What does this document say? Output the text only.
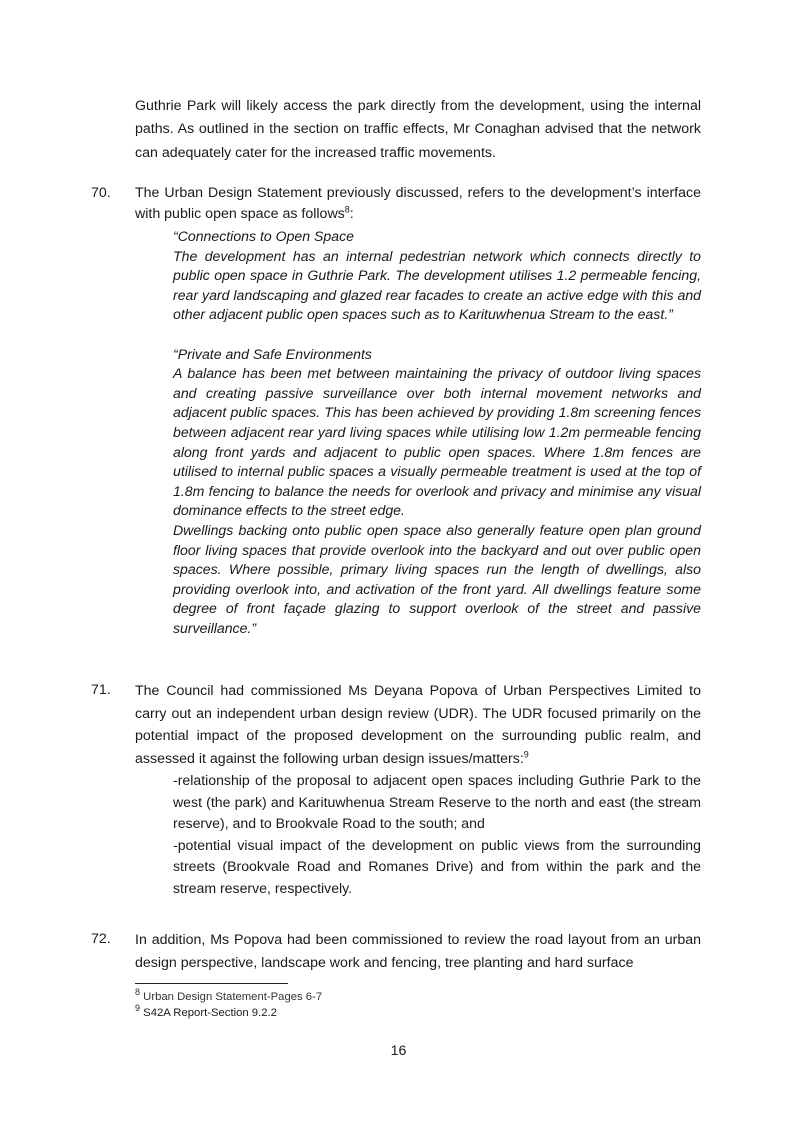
Guthrie Park will likely access the park directly from the development, using the internal paths. As outlined in the section on traffic effects, Mr Conaghan advised that the network can adequately cater for the increased traffic movements.
70.	The Urban Design Statement previously discussed, refers to the development’s interface with public open space as follows$^8$:

“Connections to Open Space

The development has an internal pedestrian network which connects directly to public open space in Guthrie Park. The development utilises 1.2 permeable fencing, rear yard landscaping and glazed rear facades to create an active edge with this and other adjacent public open spaces such as to Karituwhenua Stream to the east.”

“Private and Safe Environments

A balance has been met between maintaining the privacy of outdoor living spaces and creating passive surveillance over both internal movement networks and adjacent public spaces. This has been achieved by providing 1.8m screening fences between adjacent rear yard living spaces while utilising low 1.2m permeable fencing along front yards and adjacent to public open spaces. Where 1.8m fences are utilised to internal public spaces a visually permeable treatment is used at the top of 1.8m fencing to balance the needs for overlook and privacy and minimise any visual dominance effects to the street edge.

Dwellings backing onto public open space also generally feature open plan ground floor living spaces that provide overlook into the backyard and out over public open spaces. Where possible, primary living spaces run the length of dwellings, also providing overlook into, and activation of the front yard. All dwellings feature some degree of front façade glazing to support overlook of the street and passive surveillance.”

71.	The Council had commissioned Ms Deyana Popova of Urban Perspectives Limited to carry out an independent urban design review (UDR). The UDR focused primarily on the potential impact of the proposed development on the surrounding public realm, and assessed it against the following urban design issues/matters:$^9$

-relationship of the proposal to adjacent open spaces including Guthrie Park to the west (the park) and Karituwhenua Stream Reserve to the north and east (the stream reserve), and to Brookvale Road to the south; and

-potential visual impact of the development on public views from the surrounding streets (Brookvale Road and Romanes Drive) and from within the park and the stream reserve, respectively.

72.	In addition, Ms Popova had been commissioned to review the road layout from an urban design perspective, landscape work and fencing, tree planting and hard surface

$^8$ Urban Design Statement-Pages 6-7

$^9$ S42A Report-Section 9.2.2

16
